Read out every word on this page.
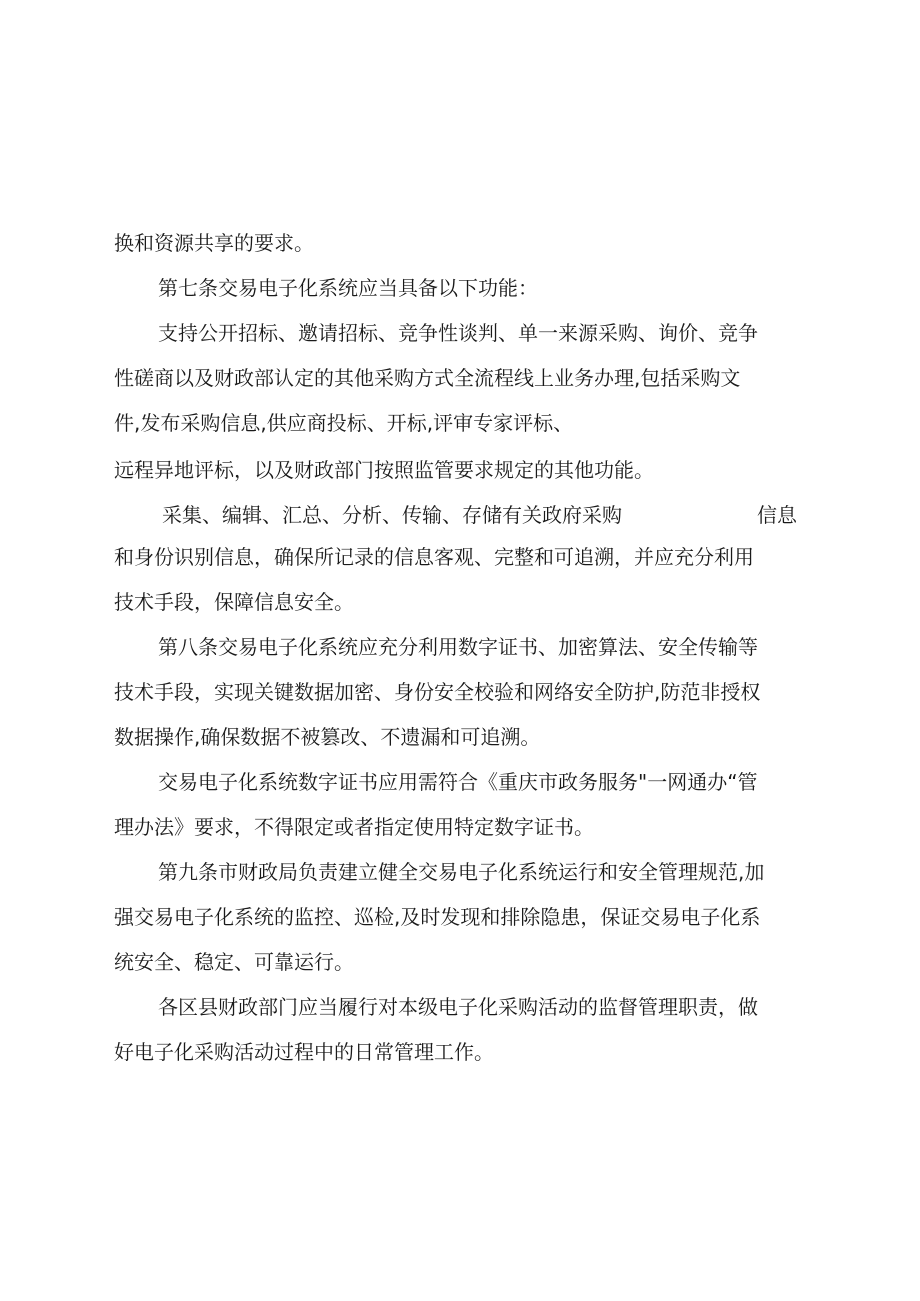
换和资源共享的要求。

第七条交易电子化系统应当具备以下功能：

支持公开招标、邀请招标、竞争性谈判、单一来源采购、询价、竞争

性磋商以及财政部认定的其他采购方式全流程线上业务办理,包括采购文

件,发布采购信息,供应商投标、开标,评审专家评标、

远程异地评标，以及财政部门按照监管要求规定的其他功能。

采集、编辑、汇总、分析、传输、存储有关政府采购	信息

和身份识别信息，确保所记录的信息客观、完整和可追溯，并应充分利用

技术手段，保障信息安全。

第八条交易电子化系统应充分利用数字证书、加密算法、安全传输等

技术手段，实现关键数据加密、身份安全校验和网络安全防护,防范非授权

数据操作,确保数据不被篡改、不遗漏和可追溯。

交易电子化系统数字证书应用需符合《重庆市政务服务"一网通办“管

理办法》要求，不得限定或者指定使用特定数字证书。

第九条市财政局负责建立健全交易电子化系统运行和安全管理规范,加

强交易电子化系统的监控、巡检,及时发现和排除隐患，保证交易电子化系

统安全、稳定、可靠运行。

各区县财政部门应当履行对本级电子化采购活动的监督管理职责，做

好电子化采购活动过程中的日常管理工作。
